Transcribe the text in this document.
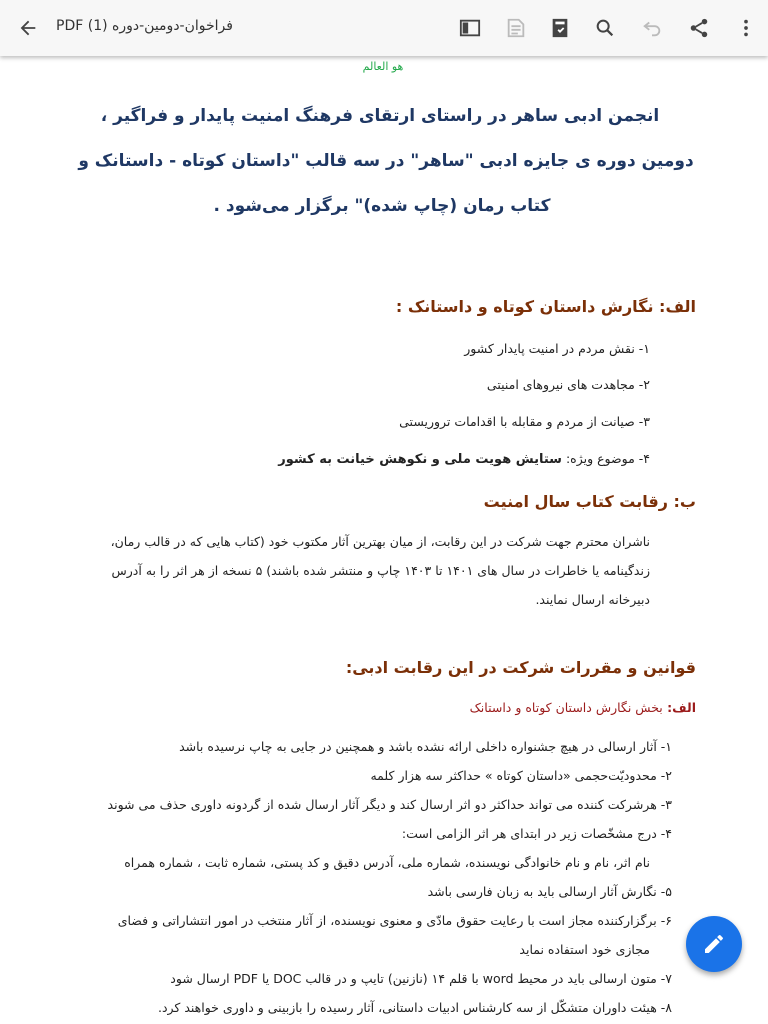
PDF فراخوان-دومین-دوره (1)
هو العالم
انجمن ادبی ساهر در راستای ارتقای فرهنگ امنیت پایدار و فراگیر ،
دومین دوره ی جایزه ادبی "ساهر" در سه قالب "داستان کوتاه - داستانک و
کتاب رمان (چاپ شده)" برگزار می‌شود .
الف: نگارش داستان کوتاه و داستانک :
۱- نقش مردم در امنیت پایدار کشور
۲- مجاهدت های نیروهای امنیتی
۳- صیانت از مردم و مقابله با اقدامات تروریستی
۴- موضوع ویژه: ستایش هویت ملی و نکوهش خیانت به کشور
ب: رقابت کتاب سال امنیت
ناشران محترم جهت شرکت در این رقابت، از میان بهترین آثار مکتوب خود (کتاب هایی که در قالب رمان،
زندگینامه یا خاطرات در سال های ۱۴۰۱ تا ۱۴۰۳ چاپ و منتشر شده باشند) ۵ نسخه از هر اثر را به آدرس
دبیرخانه ارسال نمایند.
قوانین و مقررات شرکت در این رقابت ادبی:
الف: بخش نگارش داستان کوتاه و داستانک
۱- آثار ارسالی در هیچ جشنواره داخلی ارائه نشده باشد و همچنین در جایی به چاپ نرسیده باشد
۲- محدودیّت‌حجمی «داستان کوتاه » حداکثر سه هزار کلمه
۳- هرشرکت کننده می تواند حداکثر دو اثر ارسال کند و دیگر آثار ارسال شده از گردونه داوری حذف می شوند
۴- درج مشخّصات زیر در ابتدای هر اثر الزامی است:
نام اثر، نام و نام خانوادگی نویسنده، شماره ملی، آدرس دقیق و کد پستی، شماره ثابت ، شماره همراه
۵- نگارش آثار ارسالی باید به زبان فارسی باشد
۶- برگزارکننده مجاز است با رعایت حقوق مادّی و معنوی نویسنده، از آثار منتخب در امور انتشاراتی و فضای
مجازی خود استفاده نماید
۷- متون ارسالی باید در محیط word با قلم ۱۴ (نازنین) تایپ و در قالب DOC یا PDF ارسال شود
۸- هیئت داوران متشکّل از سه کارشناس ادبیات داستانی، آثار رسیده را بازبینی و داوری خواهند کرد.
